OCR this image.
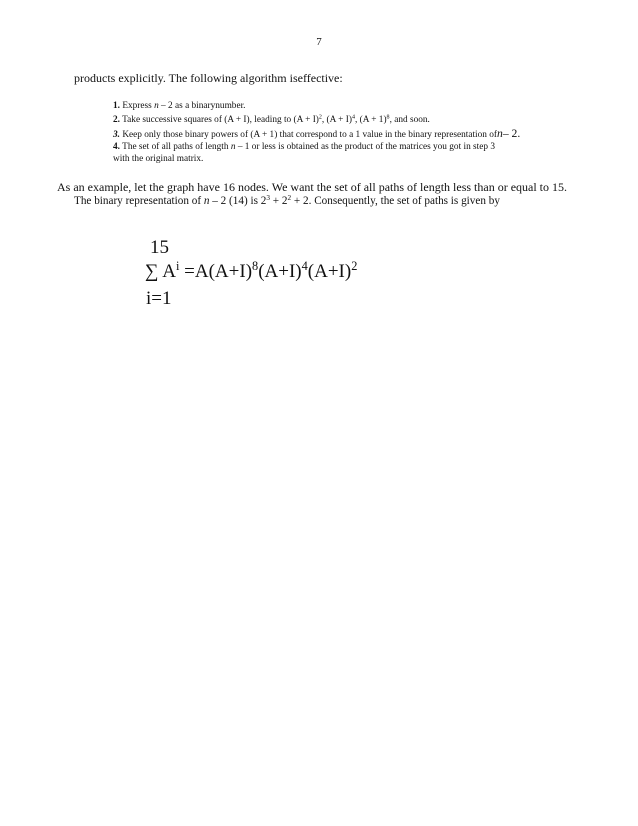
7
products explicitly. The following algorithm iseffective:
1. Express n – 2 as a binarynumber.
2. Take successive squares of (A + I), leading to $(A + I)^2$, $(A + I)^4$, $(A + 1)^8$, and soon.
3. Keep only those binary powers of (A + 1) that correspond to a 1 value in the binary representation ofn– 2.
4. The set of all paths of length n – 1 or less is obtained as the product of the matrices you got in step 3
with the original matrix.
As an example, let the graph have 16 nodes. We want the set of all paths of length less than or equal to 15.
The binary representation of n – 2 (14) is $2^3 + 2^2 + 2$. Consequently, the set of paths is given by
15
∑ $A^i =A(A+I)^8(A+I)^4(A+I)^2$
i=1
